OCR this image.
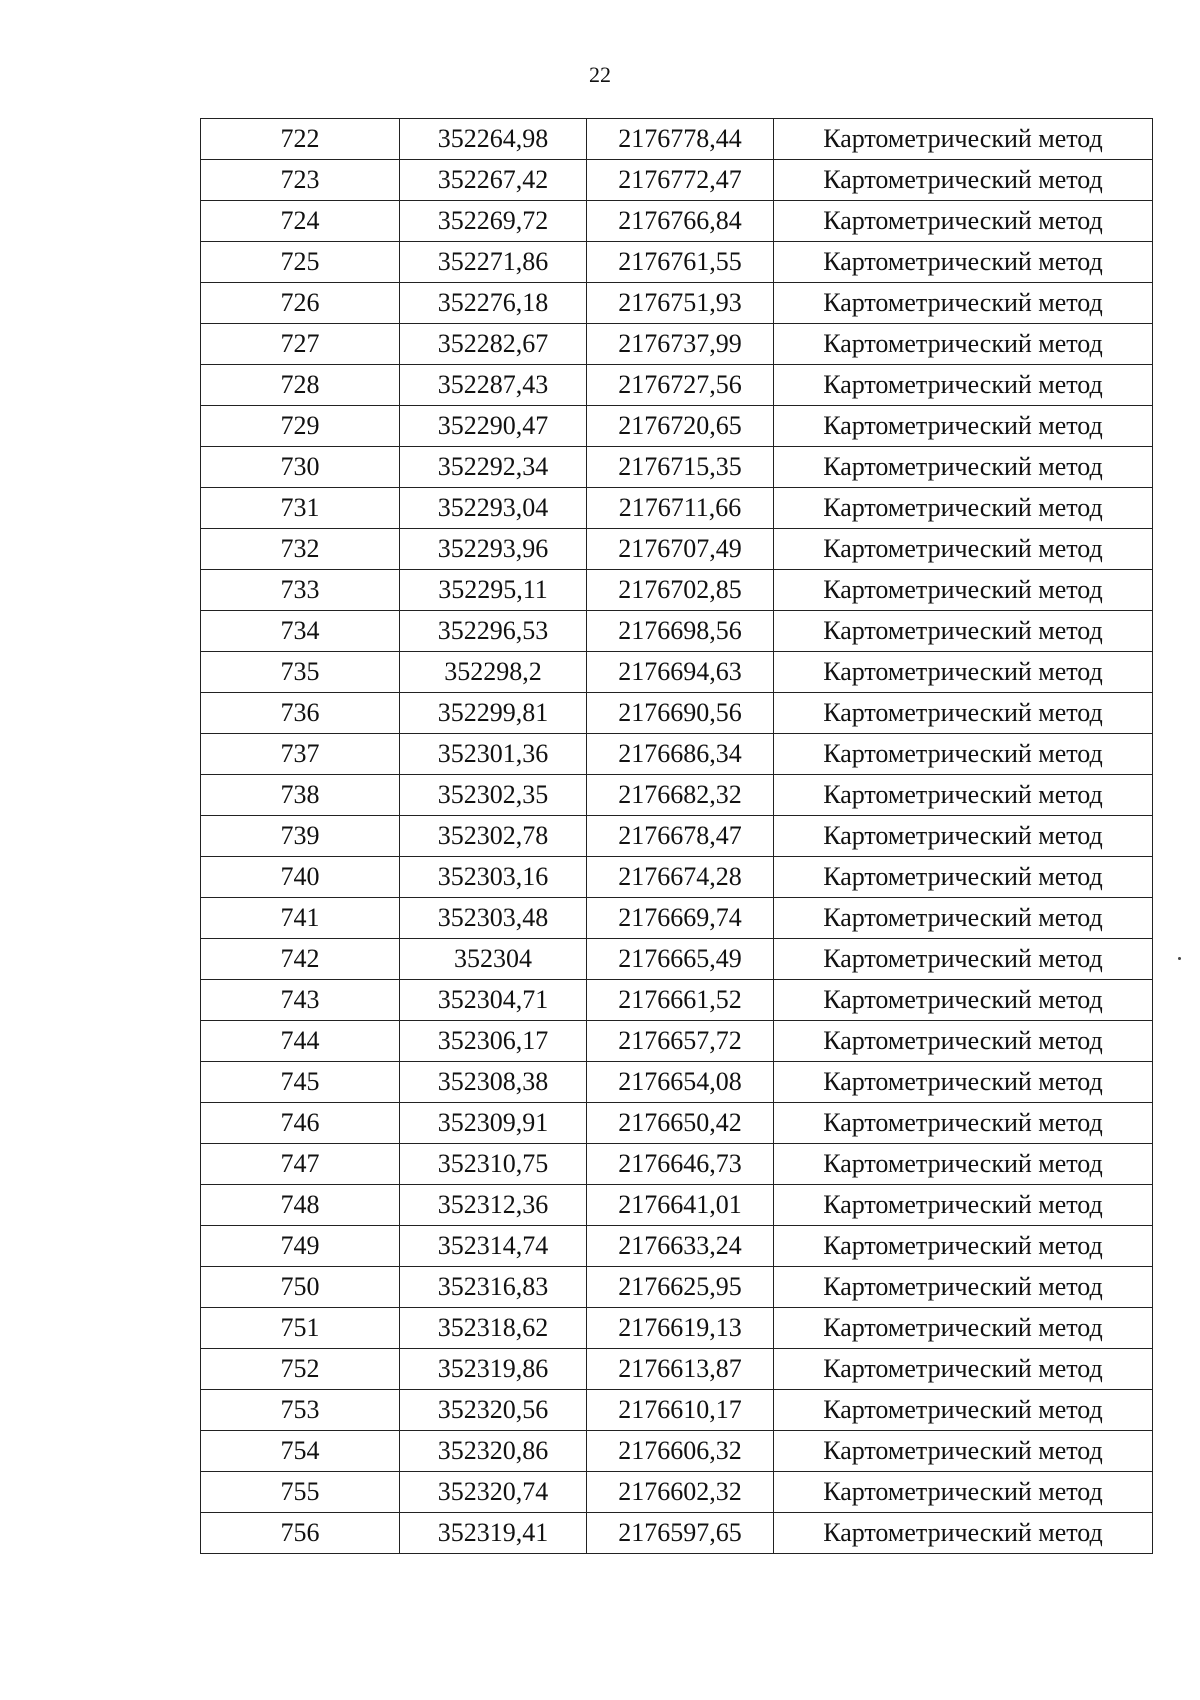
22
722	352264,98	2176778,44	Картометрический метод
723	352267,42	2176772,47	Картометрический метод
724	352269,72	2176766,84	Картометрический метод
725	352271,86	2176761,55	Картометрический метод
726	352276,18	2176751,93	Картометрический метод
727	352282,67	2176737,99	Картометрический метод
728	352287,43	2176727,56	Картометрический метод
729	352290,47	2176720,65	Картометрический метод
730	352292,34	2176715,35	Картометрический метод
731	352293,04	2176711,66	Картометрический метод
732	352293,96	2176707,49	Картометрический метод
733	352295,11	2176702,85	Картометрический метод
734	352296,53	2176698,56	Картометрический метод
735	352298,2	2176694,63	Картометрический метод
736	352299,81	2176690,56	Картометрический метод
737	352301,36	2176686,34	Картометрический метод
738	352302,35	2176682,32	Картометрический метод
739	352302,78	2176678,47	Картометрический метод
740	352303,16	2176674,28	Картометрический метод
741	352303,48	2176669,74	Картометрический метод
742	352304	2176665,49	Картометрический метод
743	352304,71	2176661,52	Картометрический метод
744	352306,17	2176657,72	Картометрический метод
745	352308,38	2176654,08	Картометрический метод
746	352309,91	2176650,42	Картометрический метод
747	352310,75	2176646,73	Картометрический метод
748	352312,36	2176641,01	Картометрический метод
749	352314,74	2176633,24	Картометрический метод
750	352316,83	2176625,95	Картометрический метод
751	352318,62	2176619,13	Картометрический метод
752	352319,86	2176613,87	Картометрический метод
753	352320,56	2176610,17	Картометрический метод
754	352320,86	2176606,32	Картометрический метод
755	352320,74	2176602,32	Картометрический метод
756	352319,41	2176597,65	Картометрический метод
